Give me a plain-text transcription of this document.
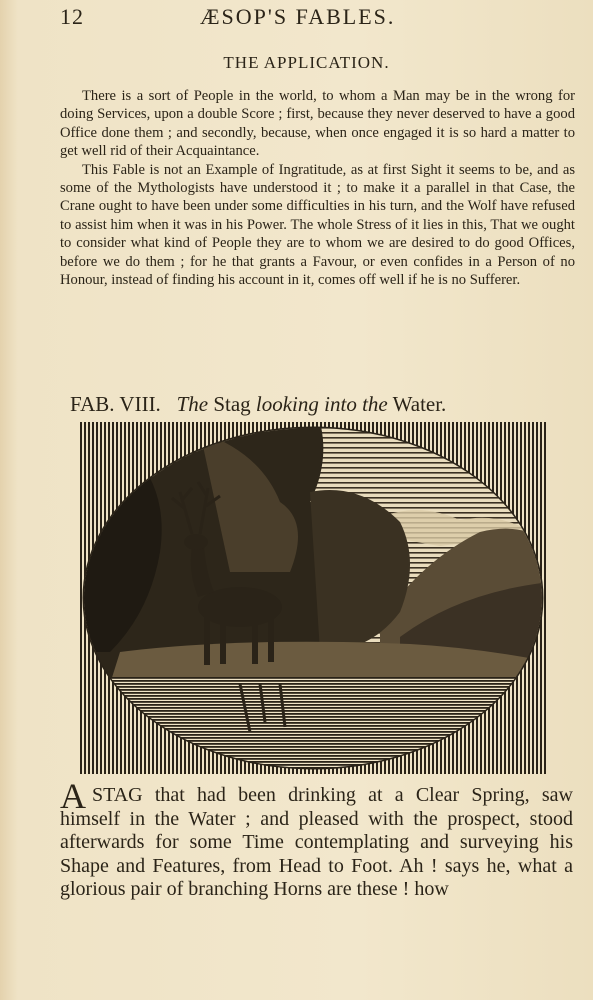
12	ÆSOP'S FABLES.
THE APPLICATION.

There is a sort of People in the world, to whom a Man may be in the wrong for doing Services, upon a double Score ; first, because they never deserved to have a good Office done them ; and secondly, because, when once engaged it is so hard a matter to get well rid of their Acquaintance.

This Fable is not an Example of Ingratitude, as at first Sight it seems to be, and as some of the Mythologists have understood it ; to make it a parallel in that Case, the Crane ought to have been under some difficulties in his turn, and the Wolf have refused to assist him when it was in his Power. The whole Stress of it lies in this, That we ought to consider what kind of People they are to whom we are desired to do good Offices, before we do them ; for he that grants a Favour, or even confides in a Person of no Honour, instead of finding his account in it, comes off well if he is no Sufferer.

FAB. VIII. The Stag looking into the Water.

ASTAG that had been drinking at a Clear Spring, saw himself in the Water ; and pleased with the prospect, stood afterwards for some Time contemplating and surveying his Shape and Features, from Head to Foot. Ah ! says he, what a glorious pair of branching Horns are these ! how
